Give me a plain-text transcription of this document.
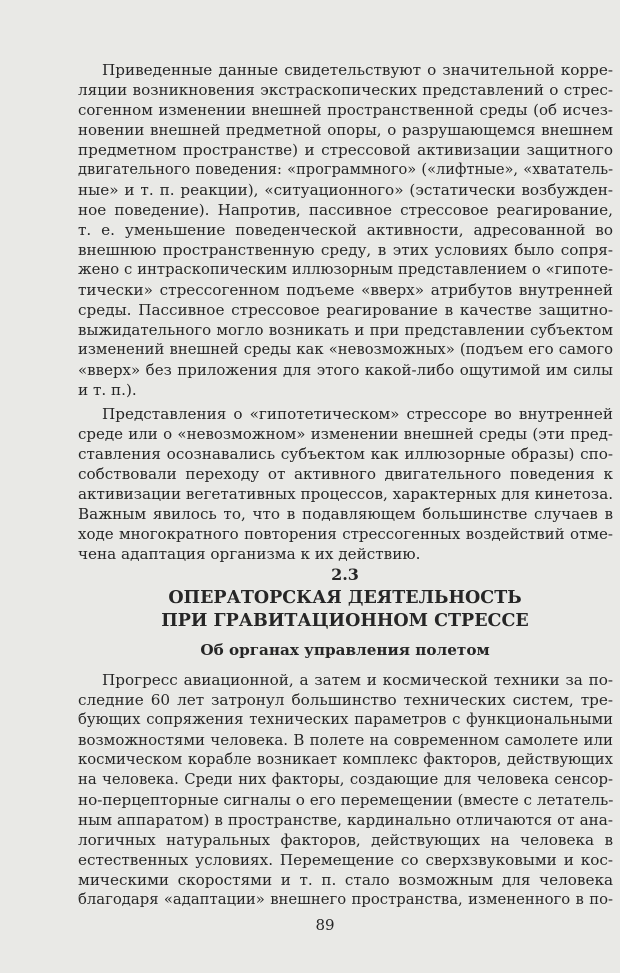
Приведенные данные свидетельствуют о значительной корре-
ляции возникновения экстраскопических представлений о стрес-
согенном изменении внешней пространственной среды (об исчез-
новении внешней предметной опоры, о разрушающемся внешнем
предметном пространстве) и стрессовой активизации защитного
двигательного поведения: «программного» («лифтные», «хвататель-
ные» и т. п. реакции), «ситуационного» (эстатически возбужден-
ное поведение). Напротив, пассивное стрессовое реагирование,
т. е. уменьшение поведенческой активности, адресованной во
внешнюю пространственную среду, в этих условиях было сопря-
жено с интраскопическим иллюзорным представлением о «гипоте-
тически» стрессогенном подъеме «вверх» атрибутов внутренней
среды. Пассивное стрессовое реагирование в качестве защитно-
выжидательного могло возникать и при представлении субъектом
изменений внешней среды как «невозможных» (подъем его самого
«вверх» без приложения для этого какой-либо ощутимой им силы
и т. п.).
Представления о «гипотетическом» стрессоре во внутренней
среде или о «невозможном» изменении внешней среды (эти пред-
ставления осознавались субъектом как иллюзорные образы) спо-
собствовали переходу от активного двигательного поведения к
активизации вегетативных процессов, характерных для кинетоза.
Важным явилось то, что в подавляющем большинстве случаев в
ходе многократного повторения стрессогенных воздействий отме-
чена адаптация организма к их действию.
2.3
ОПЕРАТОРСКАЯ ДЕЯТЕЛЬНОСТЬ
ПРИ ГРАВИТАЦИОННОМ СТРЕССЕ
Об органах управления полетом
Прогресс авиационной, а затем и космической техники за по-
следние 60 лет затронул большинство технических систем, тре-
бующих сопряжения технических параметров с функциональными
возможностями человека. В полете на современном самолете или
космическом корабле возникает комплекс факторов, действующих
на человека. Среди них факторы, создающие для человека сенсор-
но-перцепторные сигналы о его перемещении (вместе с летатель-
ным аппаратом) в пространстве, кардинально отличаются от ана-
логичных натуральных факторов, действующих на человека в
естественных условиях. Перемещение со сверхзвуковыми и кос-
мическими скоростями и т. п. стало возможным для человека
благодаря «адаптации» внешнего пространства, измененного в по-
89
